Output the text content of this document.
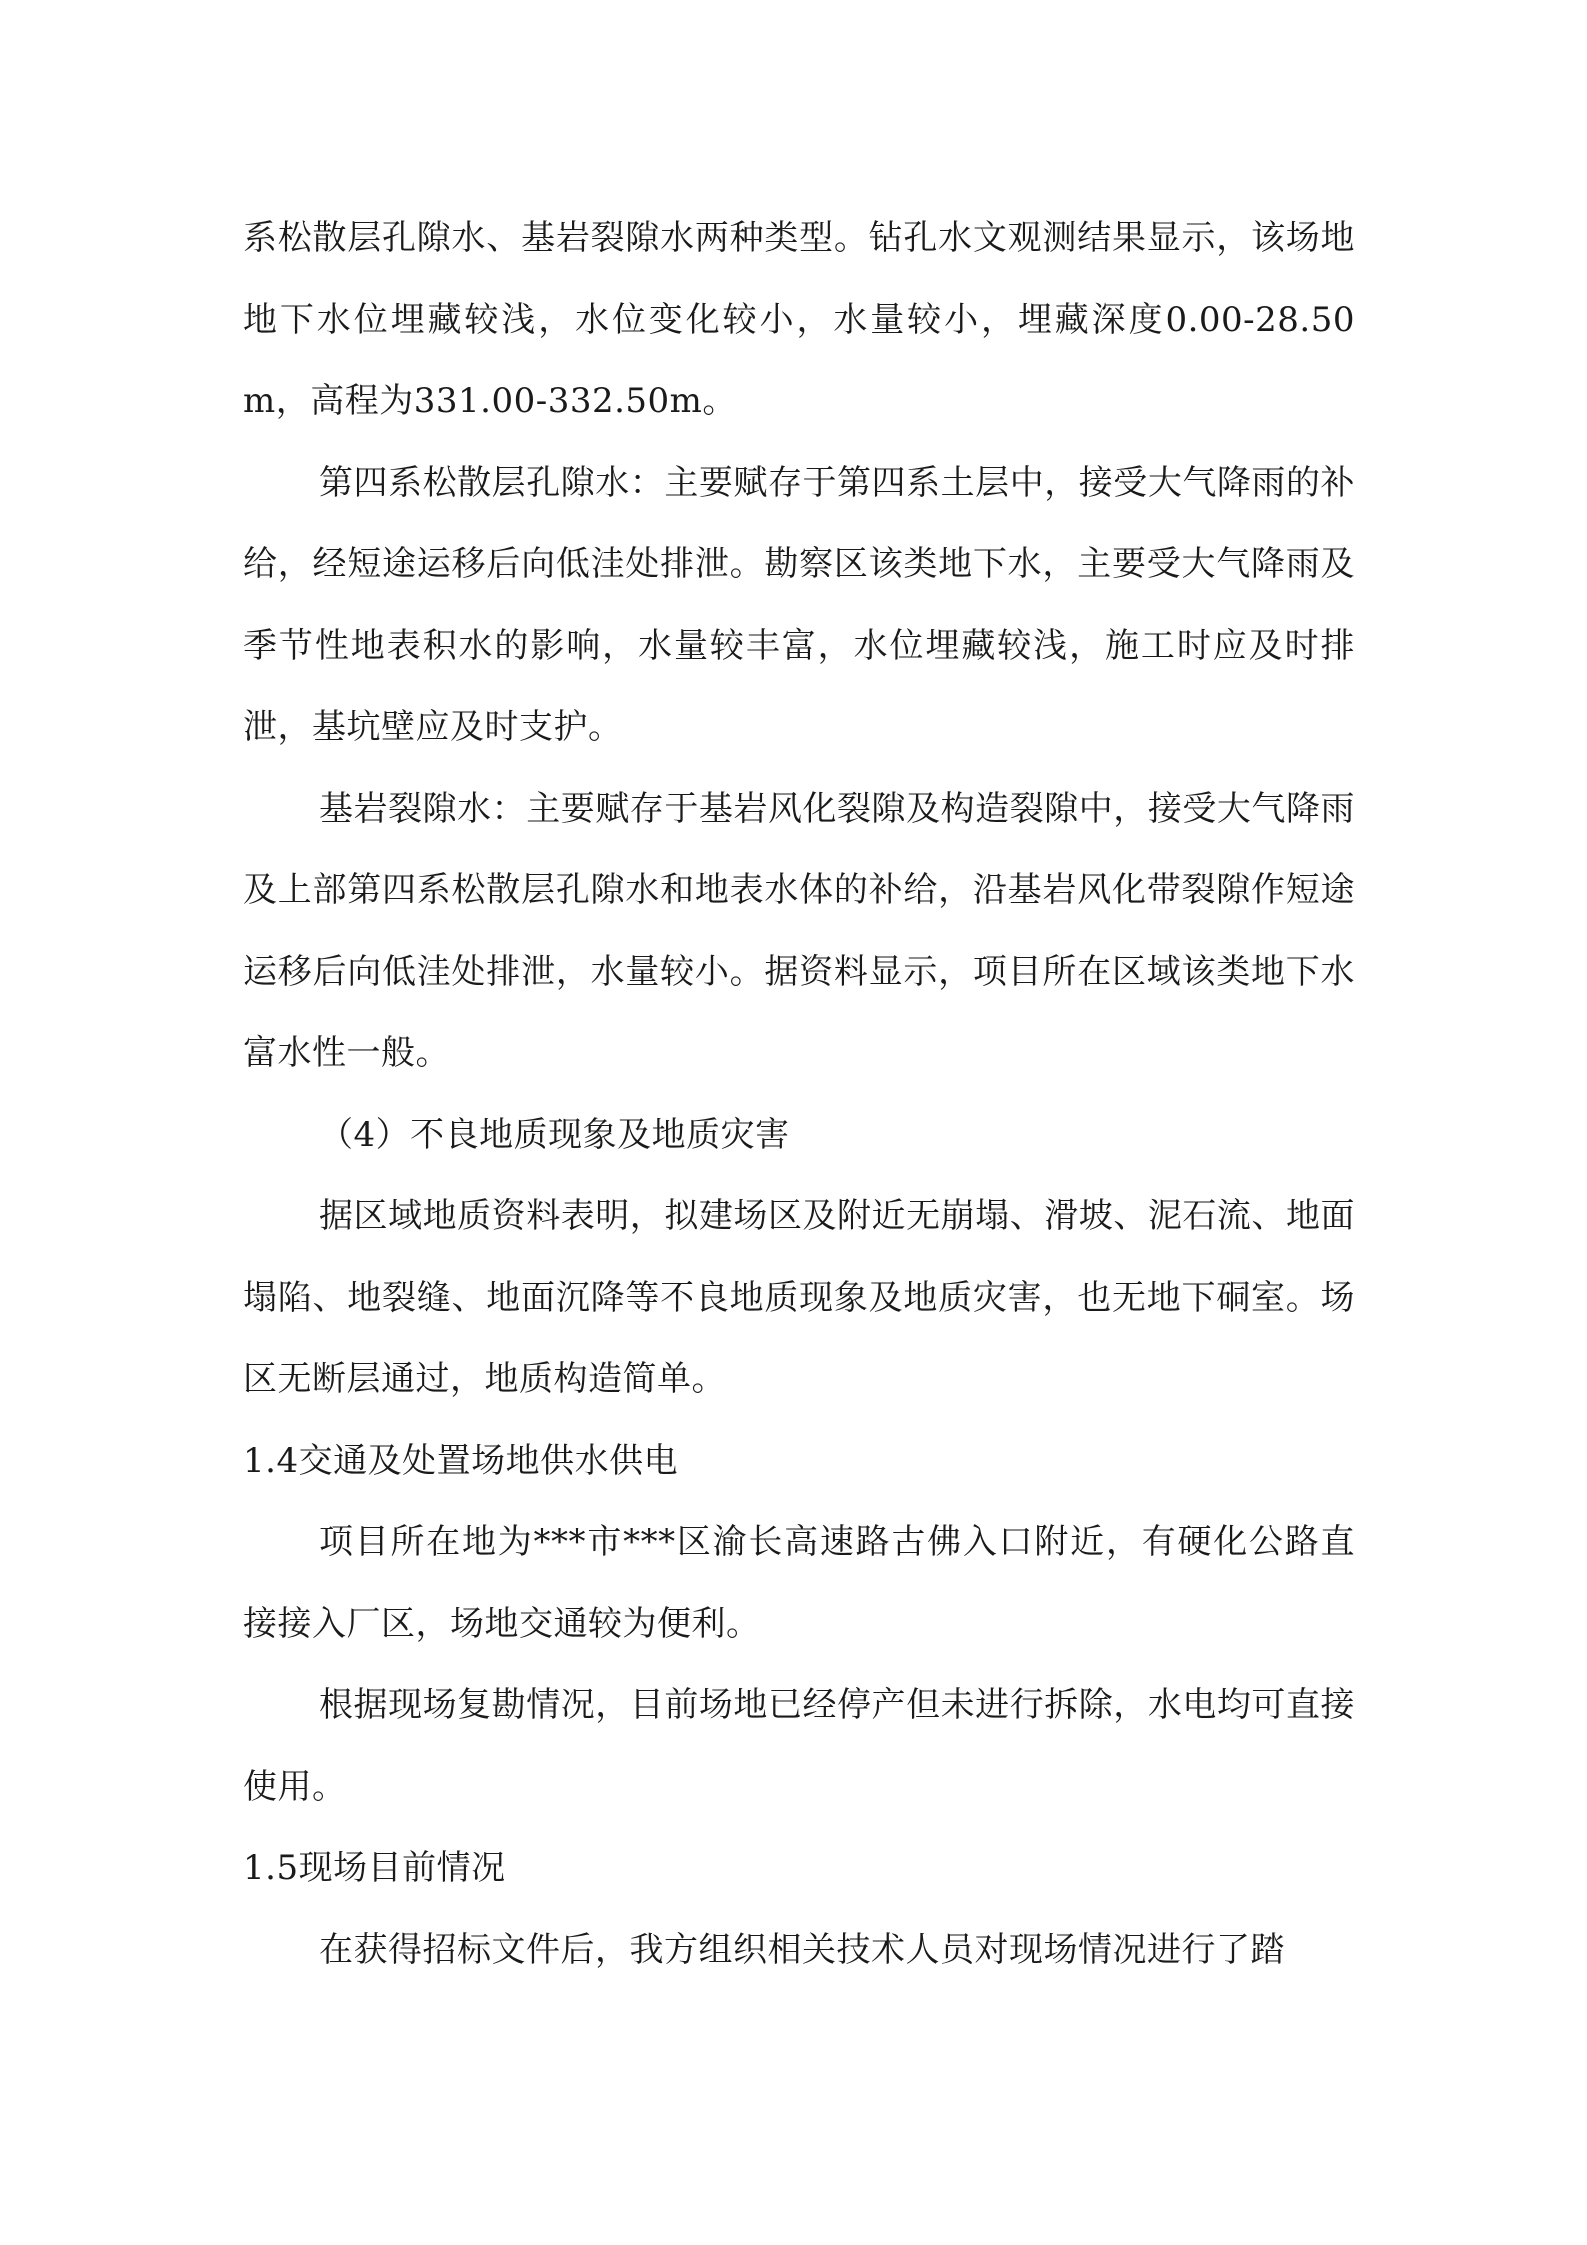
系松散层孔隙水、基岩裂隙水两种类型。钻孔水文观测结果显示，该场地地下水位埋藏较浅，水位变化较小，水量较小，埋藏深度0.00-28.50m，高程为331.00-332.50m。

第四系松散层孔隙水：主要赋存于第四系土层中，接受大气降雨的补给，经短途运移后向低洼处排泄。勘察区该类地下水，主要受大气降雨及季节性地表积水的影响，水量较丰富，水位埋藏较浅，施工时应及时排泄，基坑壁应及时支护。

基岩裂隙水：主要赋存于基岩风化裂隙及构造裂隙中，接受大气降雨及上部第四系松散层孔隙水和地表水体的补给，沿基岩风化带裂隙作短途运移后向低洼处排泄，水量较小。据资料显示，项目所在区域该类地下水富水性一般。

（4）不良地质现象及地质灾害

据区域地质资料表明，拟建场区及附近无崩塌、滑坡、泥石流、地面塌陷、地裂缝、地面沉降等不良地质现象及地质灾害，也无地下硐室。场区无断层通过，地质构造简单。

1.4交通及处置场地供水供电

项目所在地为***市***区渝长高速路古佛入口附近，有硬化公路直接接入厂区，场地交通较为便利。

根据现场复勘情况，目前场地已经停产但未进行拆除，水电均可直接使用。

1.5现场目前情况

在获得招标文件后，我方组织相关技术人员对现场情况进行了踏
